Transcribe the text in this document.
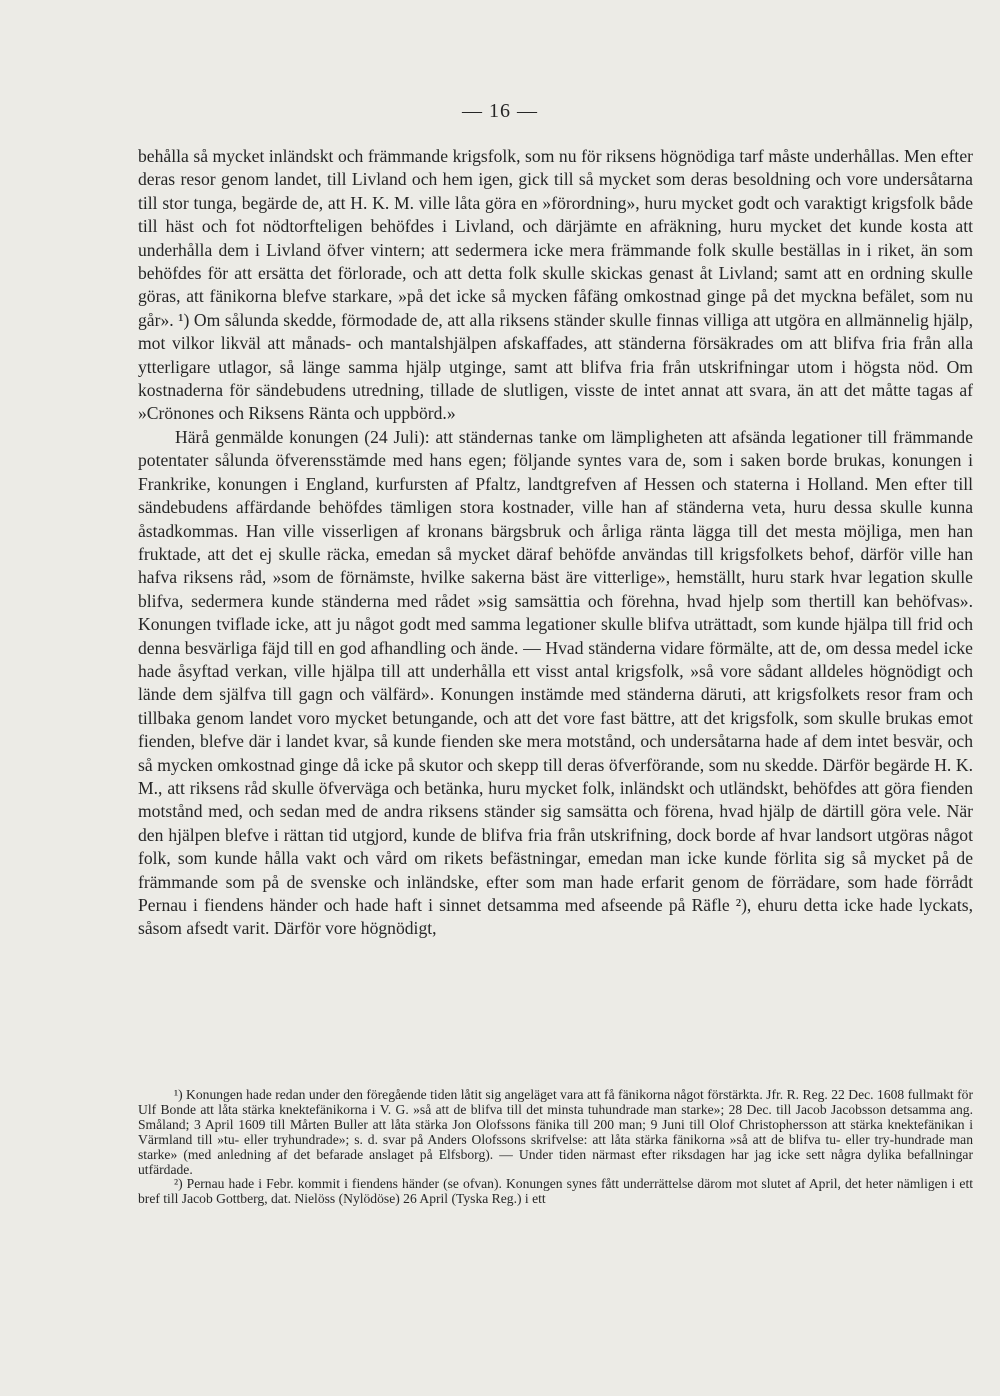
— 16 —

behålla så mycket inländskt och främmande krigsfolk, som nu för riksens högnödiga tarf måste underhållas. Men efter deras resor genom landet, till Livland och hem igen, gick till så mycket som deras besoldning och vore undersåtarna till stor tunga, begärde de, att H. K. M. ville låta göra en »förordning», huru mycket godt och varaktigt krigsfolk både till häst och fot nödtorfteligen behöfdes i Livland, och därjämte en afräkning, huru mycket det kunde kosta att underhålla dem i Livland öfver vintern; att sedermera icke mera främmande folk skulle beställas in i riket, än som behöfdes för att ersätta det förlorade, och att detta folk skulle skickas genast åt Livland; samt att en ordning skulle göras, att fänikorna blefve starkare, »på det icke så mycken fåfäng omkostnad ginge på det myckna befälet, som nu går». ¹) Om sålunda skedde, förmodade de, att alla riksens ständer skulle finnas villiga att utgöra en allmännelig hjälp, mot vilkor likväl att månads- och mantalshjälpen afskaffades, att ständerna försäkrades om att blifva fria från alla ytterligare utlagor, så länge samma hjälp utginge, samt att blifva fria från utskrifningar utom i högsta nöd. Om kostnaderna för sändebudens utredning, tillade de slutligen, visste de intet annat att svara, än att det måtte tagas af »Crönones och Riksens Ränta och uppbörd.»

Härå genmälde konungen (24 Juli): att ständernas tanke om lämpligheten att afsända legationer till främmande potentater sålunda öfverensstämde med hans egen; följande syntes vara de, som i saken borde brukas, konungen i Frankrike, konungen i England, kurfursten af Pfaltz, landtgrefven af Hessen och staterna i Holland. Men efter till sändebudens affärdande behöfdes tämligen stora kostnader, ville han af ständerna veta, huru dessa skulle kunna åstadkommas. Han ville visserligen af kronans bärgsbruk och årliga ränta lägga till det mesta möjliga, men han fruktade, att det ej skulle räcka, emedan så mycket däraf behöfde användas till krigsfolkets behof, därför ville han hafva riksens råd, »som de förnämste, hvilke sakerna bäst äre vitterlige», hemställt, huru stark hvar legation skulle blifva, sedermera kunde ständerna med rådet »sig samsättia och förehna, hvad hjelp som thertill kan behöfvas». Konungen tviflade icke, att ju något godt med samma legationer skulle blifva uträttadt, som kunde hjälpa till frid och denna besvärliga fäjd till en god afhandling och ände. — Hvad ständerna vidare förmälte, att de, om dessa medel icke hade åsyftad verkan, ville hjälpa till att underhålla ett visst antal krigsfolk, »så vore sådant alldeles högnödigt och lände dem själfva till gagn och välfärd». Konungen instämde med ständerna däruti, att krigsfolkets resor fram och tillbaka genom landet voro mycket betungande, och att det vore fast bättre, att det krigsfolk, som skulle brukas emot fienden, blefve där i landet kvar, så kunde fienden ske mera motstånd, och undersåtarna hade af dem intet besvär, och så mycken omkostnad ginge då icke på skutor och skepp till deras öfverförande, som nu skedde. Därför begärde H. K. M., att riksens råd skulle öfverväga och betänka, huru mycket folk, inländskt och utländskt, behöfdes att göra fienden motstånd med, och sedan med de andra riksens ständer sig samsätta och förena, hvad hjälp de därtill göra vele. När den hjälpen blefve i rättan tid utgjord, kunde de blifva fria från utskrifning, dock borde af hvar landsort utgöras något folk, som kunde hålla vakt och vård om rikets befästningar, emedan man icke kunde förlita sig så mycket på de främmande som på de svenske och inländske, efter som man hade erfarit genom de förrädare, som hade förrådt Pernau i fiendens händer och hade haft i sinnet detsamma med afseende på Räfle ²), ehuru detta icke hade lyckats, såsom afsedt varit. Därför vore högnödigt,

¹) Konungen hade redan under den föregående tiden låtit sig angeläget vara att få fänikorna något förstärkta. Jfr. R. Reg. 22 Dec. 1608 fullmakt för Ulf Bonde att låta stärka knektefänikorna i V. G. »så att de blifva till det minsta tuhundrade man starke»; 28 Dec. till Jacob Jacobsson detsamma ang. Småland; 3 April 1609 till Mårten Buller att låta stärka Jon Olofssons fänika till 200 man; 9 Juni till Olof Christophersson att stärka knektefänikan i Värmland till »tu- eller tryhundrade»; s. d. svar på Anders Olofssons skrifvelse: att låta stärka fänikorna »så att de blifva tu- eller try-hundrade man starke» (med anledning af det befarade anslaget på Elfsborg). — Under tiden närmast efter riksdagen har jag icke sett några dylika befallningar utfärdade.

²) Pernau hade i Febr. kommit i fiendens händer (se ofvan). Konungen synes fått underrättelse därom mot slutet af April, det heter nämligen i ett bref till Jacob Gottberg, dat. Nielöss (Nylödöse) 26 April (Tyska Reg.) i ett
